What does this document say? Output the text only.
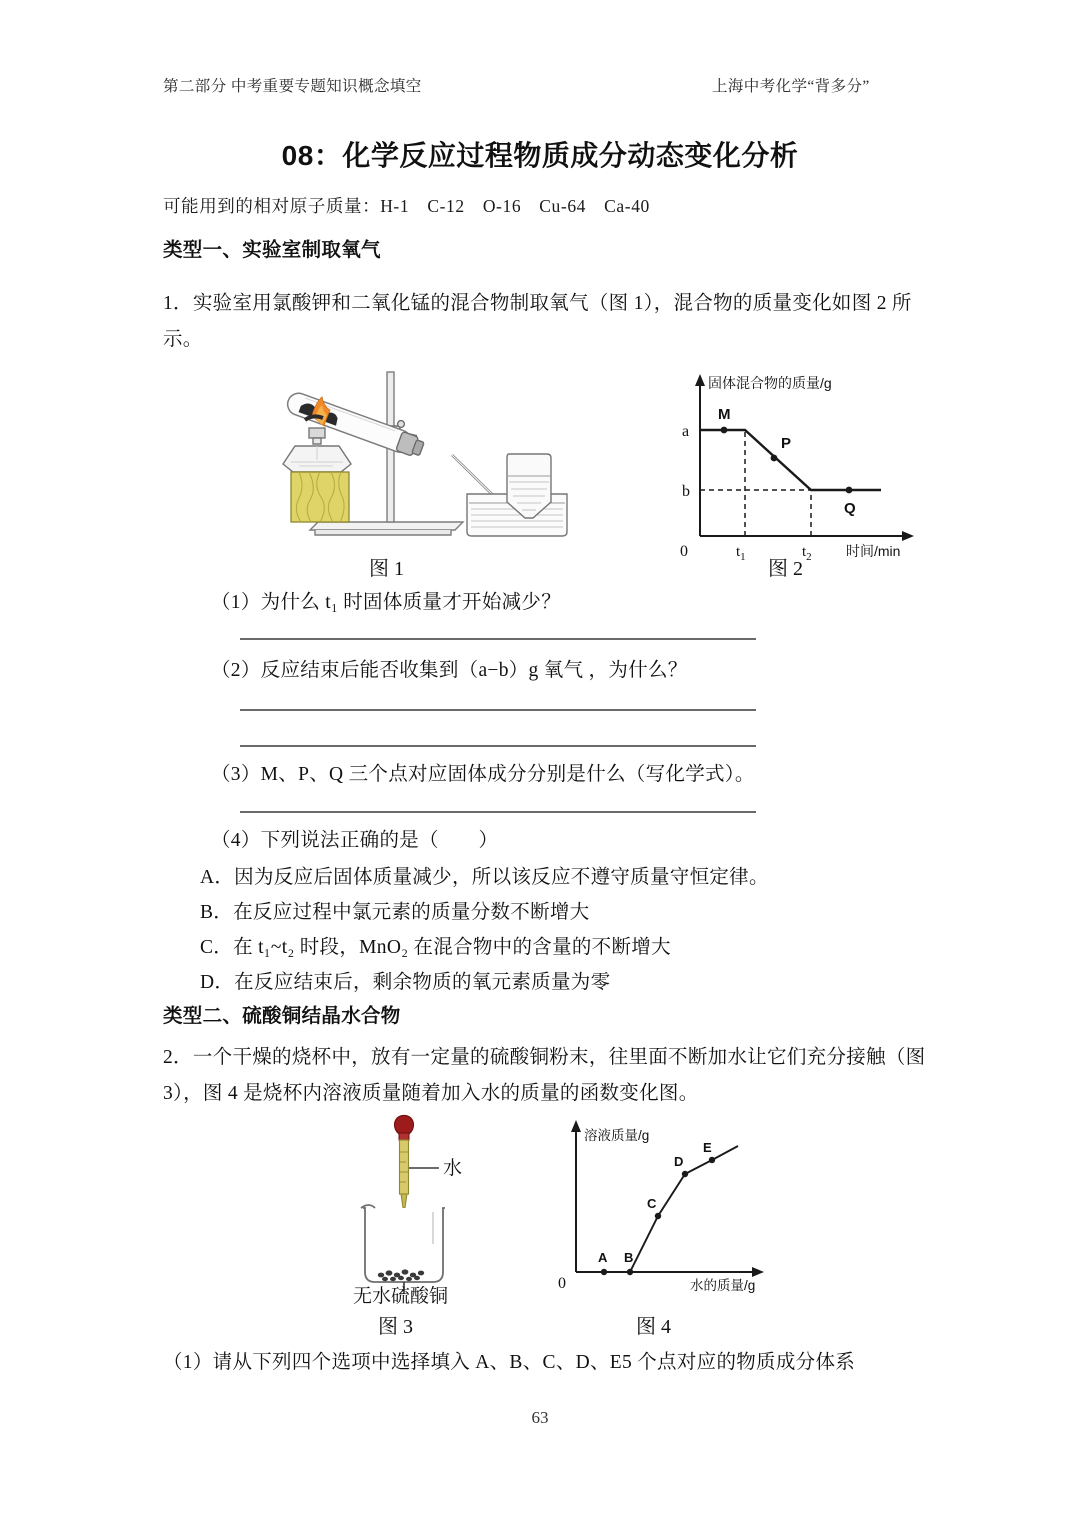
第二部分 中考重要专题知识概念填空	上海中考化学“背多分”
08：化学反应过程物质成分动态变化分析
可能用到的相对原子质量：H-1　C-12　O-16　Cu-64　Ca-40
类型一、实验室制取氧气
1．实验室用氯酸钾和二氧化锰的混合物制取氧气（图 1），混合物的质量变化如图 2 所示。
图 1
M
P
Q
a
b
0	$t_1$	$t_2$
固体混合物的质量/g
时间/min
图 2
（1）为什么 t₁ 时固体质量才开始减少？
（2）反应结束后能否收集到（a−b）g 氧气 ，为什么？
（3）M、P、Q 三个点对应固体成分分别是什么（写化学式）。
（4）下列说法正确的是（　　）
A．因为反应后固体质量减少，所以该反应不遵守质量守恒定律。
B．在反应过程中氯元素的质量分数不断增大
C．在 t₁~t₂ 时段，MnO₂ 在混合物中的含量的不断增大
D．在反应结束后，剩余物质的氧元素质量为零
类型二、硫酸铜结晶水合物
2．一个干燥的烧杯中，放有一定量的硫酸铜粉末，往里面不断加水让它们充分接触（图 3），图 4 是烧杯内溶液质量随着加入水的质量的函数变化图。
水
无水硫酸铜
图 3
A B
C
D
E
0
溶液质量/g
水的质量/g
图 4
（1）请从下列四个选项中选择填入 A、B、C、D、E5 个点对应的物质成分体系
63
